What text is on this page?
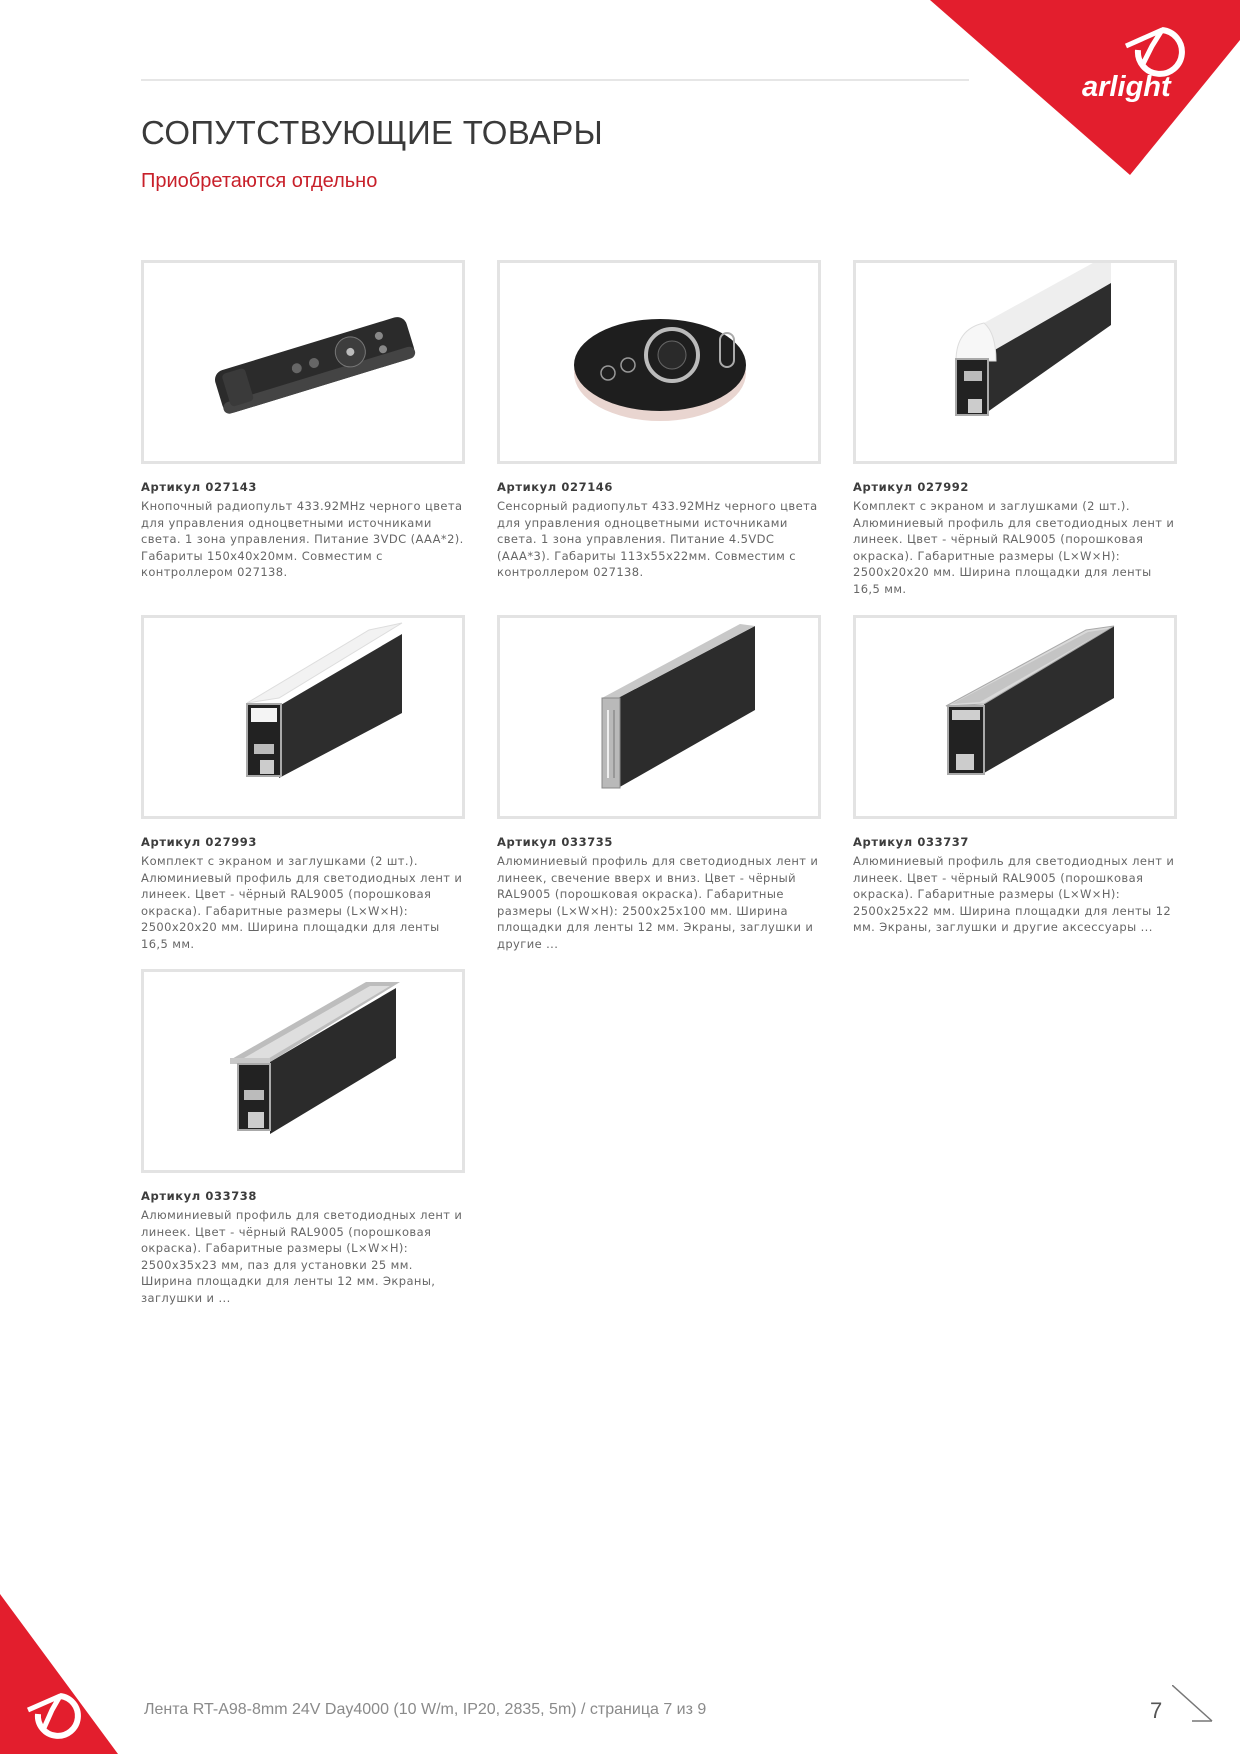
arlight
СОПУТСТВУЮЩИЕ ТОВАРЫ
Приобретаются отдельно
Артикул 027143
Кнопочный радиопульт 433.92MHz черного цвета для управления одноцветными источниками света. 1 зона управления. Питание 3VDC (AAA*2). Габариты 150x40x20мм. Совместим с контроллером 027138.
Артикул 027146
Сенсорный радиопульт 433.92MHz черного цвета для управления одноцветными источниками света. 1 зона управления. Питание 4.5VDC (AAA*3). Габариты 113x55x22мм. Совместим с контроллером 027138.
Артикул 027992
Комплект с экраном и заглушками (2 шт.). Алюминиевый профиль для светодиодных лент и линеек. Цвет - чёрный RAL9005 (порошковая окраска). Габаритные размеры (L×W×H): 2500x20x20 мм. Ширина площадки для ленты 16,5 мм.
Артикул 027993
Комплект с экраном и заглушками (2 шт.). Алюминиевый профиль для светодиодных лент и линеек. Цвет - чёрный RAL9005 (порошковая окраска). Габаритные размеры (L×W×H): 2500x20x20 мм. Ширина площадки для ленты 16,5 мм.
Артикул 033735
Алюминиевый профиль для светодиодных лент и линеек, свечение вверх и вниз. Цвет - чёрный RAL9005 (порошковая окраска). Габаритные размеры (L×W×H): 2500x25x100 мм. Ширина площадки для ленты 12 мм. Экраны, заглушки и другие ...
Артикул 033737
Алюминиевый профиль для светодиодных лент и линеек. Цвет - чёрный RAL9005 (порошковая окраска). Габаритные размеры (L×W×H): 2500x25x22 мм. Ширина площадки для ленты 12 мм. Экраны, заглушки и другие аксессуары ...
Артикул 033738
Алюминиевый профиль для светодиодных лент и линеек. Цвет - чёрный RAL9005 (порошковая окраска). Габаритные размеры (L×W×H): 2500x35x23 мм, паз для установки 25 мм. Ширина площадки для ленты 12 мм. Экраны, заглушки и ...
Лента RT-A98-8mm 24V Day4000 (10 W/m, IP20, 2835, 5m) / страница 7 из 9	7
